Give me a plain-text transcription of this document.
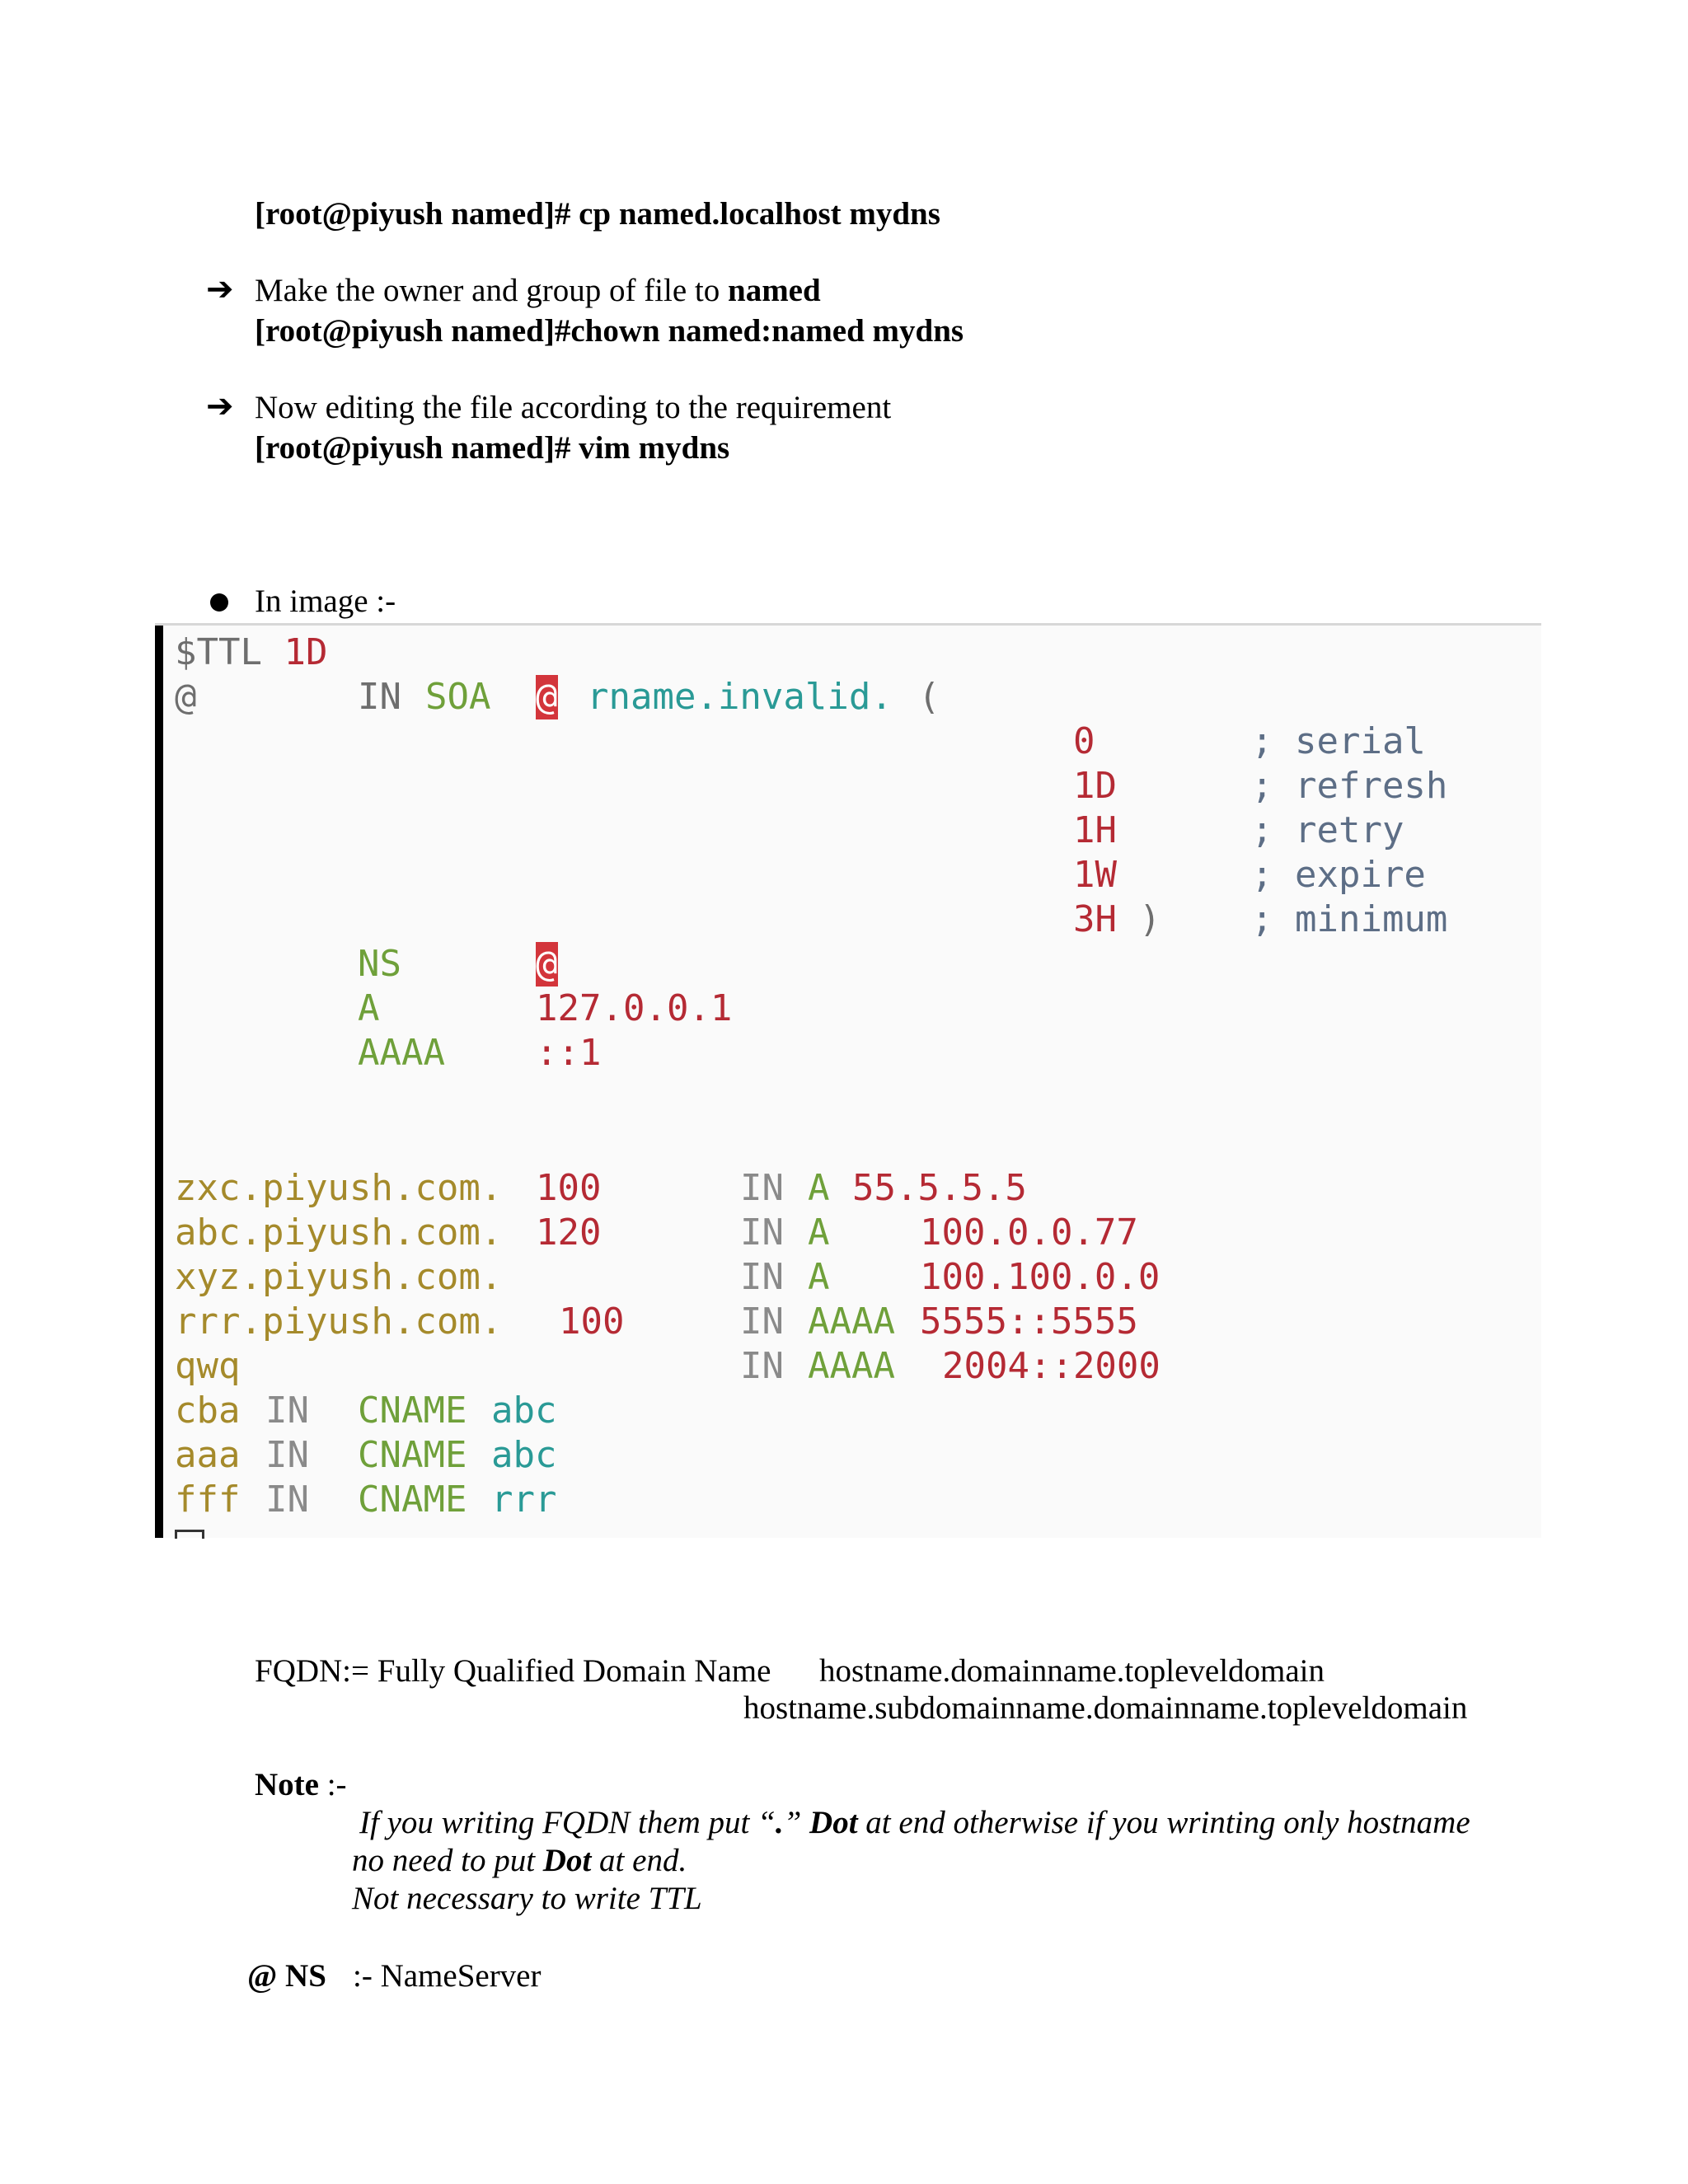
[root@piyush named]# cp named.localhost mydns
➔ Make the owner and group of file to named
[root@piyush named]#chown named:named mydns
➔ Now editing the file according to the requirement
[root@piyush named]# vim mydns
In image :-
$TTL 1D
@	IN SOA @ rname.invalid. (
0	; serial
1D	; refresh
1H	; retry
1W	; expire
3H ) ; minimum
NS	@
A	127.0.0.1
AAAA	::1
zxc.piyush.com. 100	IN A 55.5.5.5
abc.piyush.com. 120	IN A 100.0.0.77
xyz.piyush.com.	IN A 100.100.0.0
rrr.piyush.com. 100	IN AAAA 5555::5555
qwq	IN AAAA 2004::2000
cba IN CNAME abc
aaa IN CNAME abc
fff IN CNAME rrr
FQDN:= Fully Qualified Domain Name hostname.domainname.topleveldomain
hostname.subdomainname.domainname.topleveldomain
Note :-
If you writing FQDN them put “.” Dot at end otherwise if you wrinting only hostname
no need to put Dot at end.
Not necessary to write TTL
@ NS :- NameServer
